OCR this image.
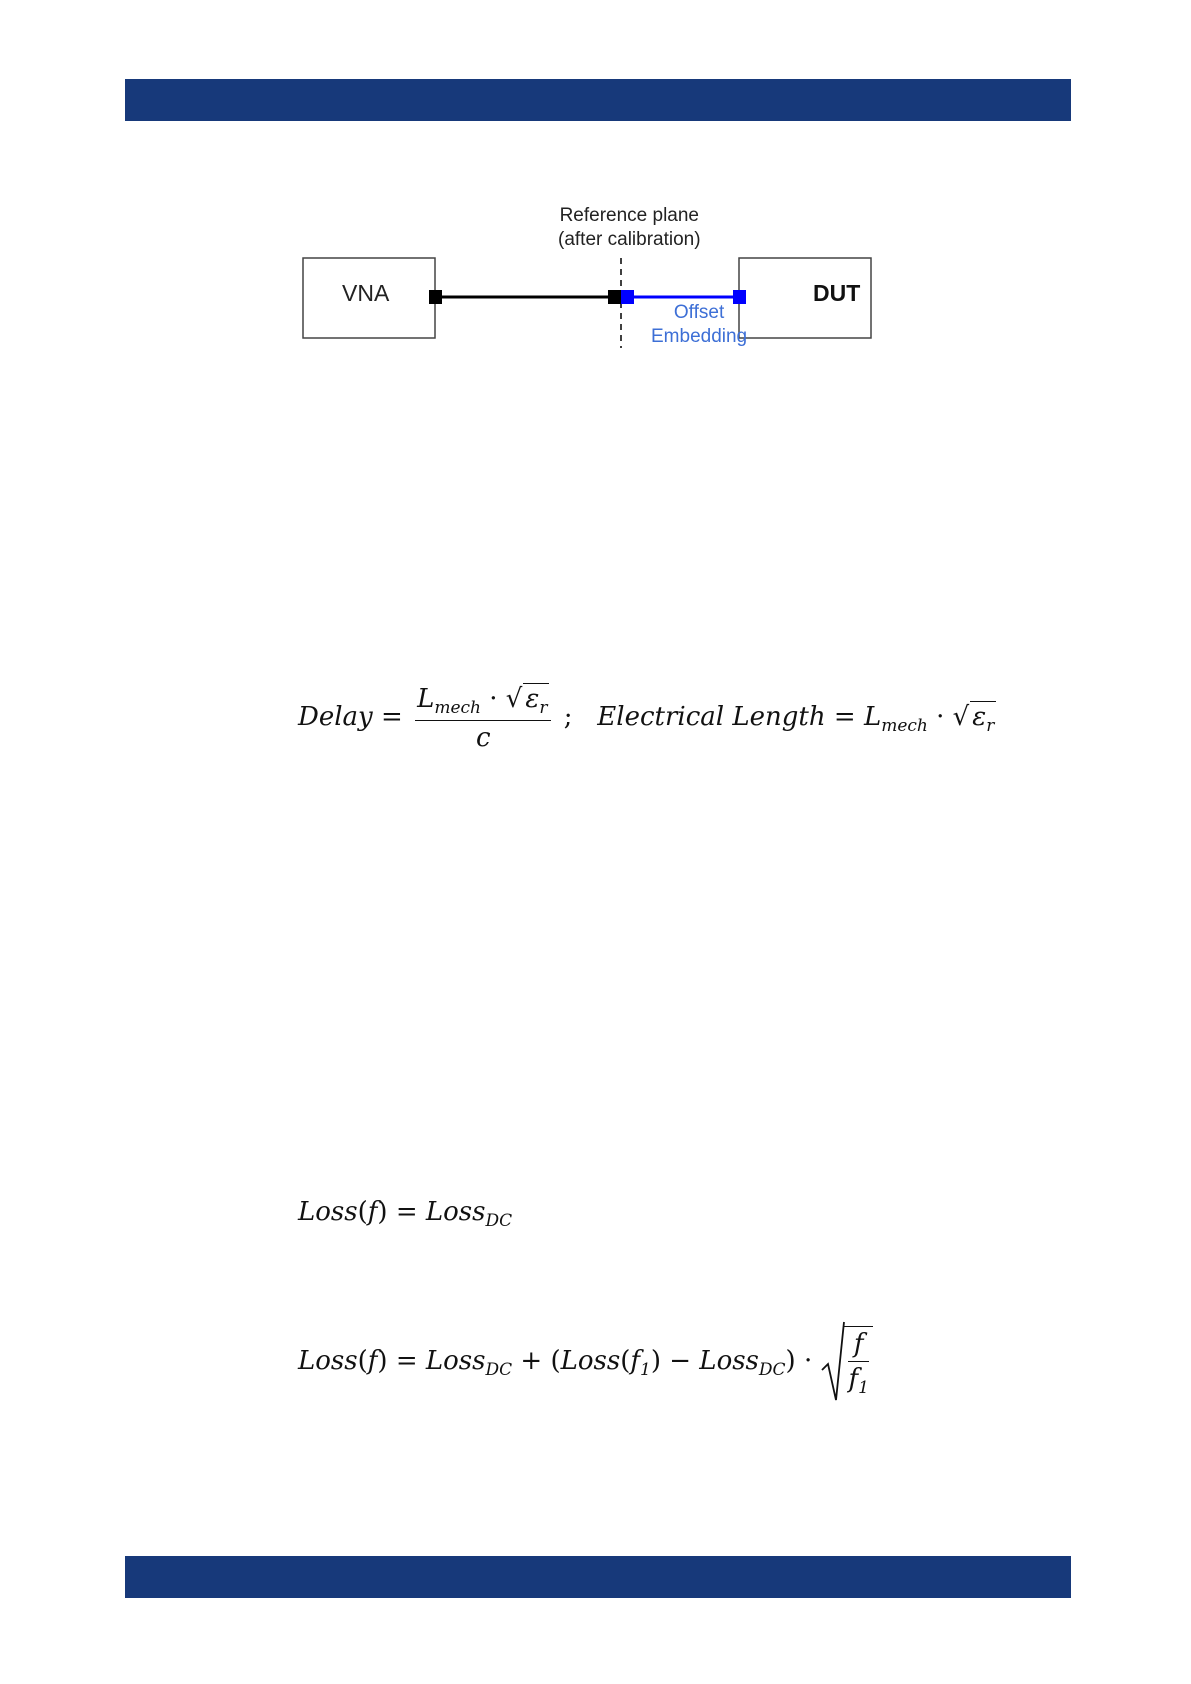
Reference plane
(after calibration)
VNA	DUT
Offset
Embedding
Delay = $\frac{L_{mech} \cdot √ \varepsilon_r}{c}$ ;   Electrical Length = $L_{mech}$ · √ $\varepsilon_r$
Loss(f) = Loss$_{DC}$
Loss(f) = Loss$_{DC}$ + ($Loss(f_1)$ − Loss$_{DC}$) · $\frac{f}{f_1}$
